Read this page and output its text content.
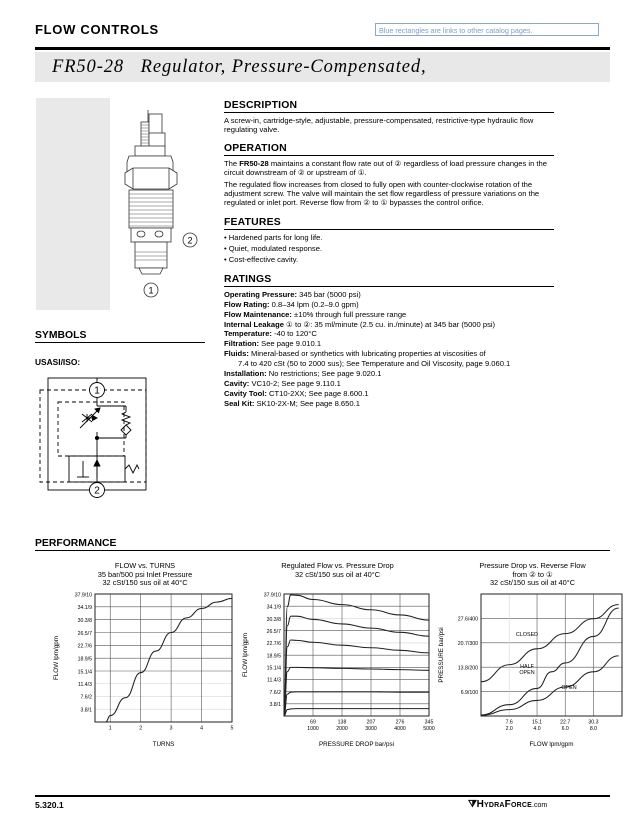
FLOW CONTROLS	Blue rectangles are links to other catalog pages.
FR50-28 Regulator, Pressure-Compensated,
2
1
DESCRIPTION

A screw-in, cartridge-style, adjustable, pressure-compensated, restrictive-type hydraulic flow regulating valve.

OPERATION

The FR50-28 maintains a constant flow rate out of ② regardless of load pressure changes in the circuit downstream of ② or upstream of ①.

The regulated flow increases from closed to fully open with counter-clockwise rotation of the adjustment screw. The valve will maintain the set flow regardless of pressure variations on the regulated or inlet port. Reverse flow from ② to ① bypasses the control orifice.

FEATURES
• Hardened parts for long life.
• Quiet, modulated response.
• Cost-effective cavity.
RATINGS
Operating Pressure: 345 bar (5000 psi)
Flow Rating: 0.8–34 lpm (0.2–9.0 gpm)
Flow Maintenance: ±10% through full pressure range
Internal Leakage ① to ②: 35 ml/minute (2.5 cu. in./minute) at 345 bar (5000 psi)
Temperature: -40 to 120°C
Filtration: See page 9.010.1
Fluids: Mineral-based or synthetics with lubricating properties at viscosities of
7.4 to 420 cSt (50 to 2000 sus); See Temperature and Oil Viscosity, page 9.060.1
Installation: No restrictions; See page 9.020.1
Cavity: VC10-2; See page 9.110.1
Cavity Tool: CT10-2XX; See page 8.600.1
Seal Kit: SK10-2X-M; See page 8.650.1
SYMBOLS
USASI/ISO:
1
2
PERFORMANCE
FLOW vs. TURNS
35 bar/500 psi Inlet Pressure
32 cSt/150 sus oil at 40°C
3.8/1
7.6/2
11.4/3
15.1/4
18.9/5
22.7/6
26.5/7
30.3/8
34.1/9
37.9/10
1	2	3	4	5
TURNS
FLOW lpm/gpm
Regulated Flow vs. Pressure Drop
32 cSt/150 sus oil at 40°C
3.8/1
7.6/2
11.4/3
15.1/4
18.9/5
22.7/6
26.5/7
30.3/8
34.1/9
37.9/10
69
1000
138
2000
207
3000
276
4000
345
5000
PRESSURE DROP bar/psi
FLOW lpm/gpm
Pressure Drop vs. Reverse Flow
from ② to ①
32 cSt/150 sus oil at 40°C
6.9/100
13.8/200
20.7/300
27.6/400
7.6
2.0
15.1
4.0
22.7
6.0
30.3
8.0
CLOSED
HALF
OPEN
OPEN
FLOW lpm/gpm
PRESSURE bar/psi
5.320.1	⧩HydraForce.com
